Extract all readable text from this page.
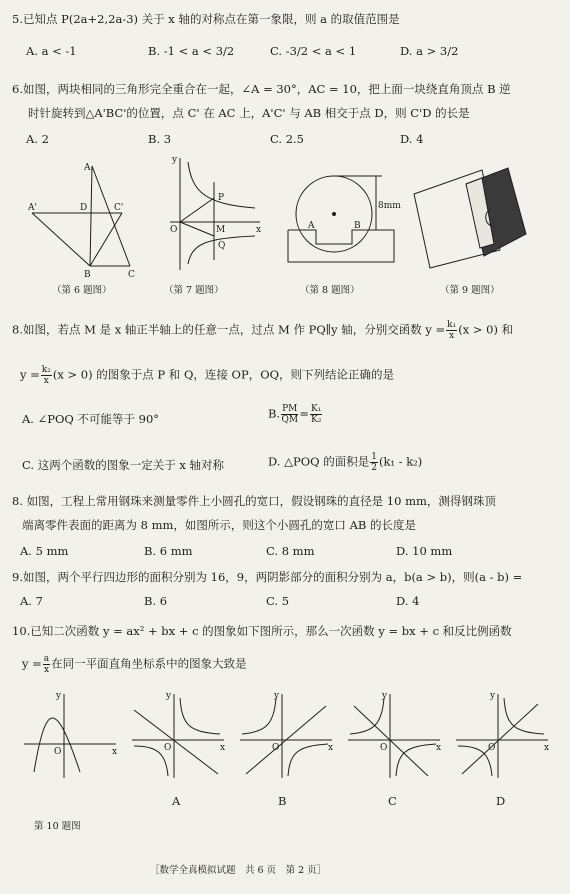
5.已知点 P(2a+2,2a-3) 关于 x 轴的对称点在第一象限，则 a 的取值范围是
A. a < -1	B. -1 < a < 3/2	C. -3/2 < a < 1	D. a > 3/2
6.如图，两块相同的三角形完全重合在一起，∠A = 30°，AC = 10，把上面一块绕直角顶点 B 逆
时针旋转到△A'BC'的位置，点 C' 在 AC 上，A'C' 与 AB 相交于点 D，则 C'D 的长是
A. 2	B. 3	C. 2.5	D. 4
A
A'	D	C'
B	C
y
P
O	M
Q
x	A	B
8mm
（第 6 题图）	（第 7 题图）	（第 8 题图）	（第 9 题图）
8.如图，若点 M 是 x 轴正半轴上的任意一点，过点 M 作 PQ∥y 轴，分别交函数 $y = \frac{\text{k₁}}{x} (x > 0)$ 和
$y = \frac{\text{k₂}}{x} (x > 0)$ 的图象于点 P 和 Q，连接 OP，OQ，则下列结论正确的是
A. ∠POQ 不可能等于 90°	B. $\frac{PM}{QM} = \frac{\text{K₁}}{\text{K₂}}$
C. 这两个函数的图象一定关于 x 轴对称	D. △POQ 的面积是 $\frac{1}{2} (k_1 - k_2)$
8. 如图，工程上常用钢珠来测量零件上小圆孔的宽口，假设钢珠的直径是 10 mm，测得钢珠顶
端离零件表面的距离为 8 mm，如图所示，则这个小圆孔的宽口 AB 的长度是
A. 5 mm	B. 6 mm	C. 8 mm	D. 10 mm
9.如图，两个平行四边形的面积分别为 16，9，两阴影部分的面积分别为 a，b(a > b)，则(a - b) =
A. 7	B. 6	C. 5	D. 4
10.已知二次函数 y = ax² + bx + c 的图象如下图所示，那么一次函数 y = bx + c 和反比例函数
$y = \frac{a}{x}$ 在同一平面直角坐标系中的图象大致是
y
O	x
y
O	x
y
O	x
y
O	x
y
O	x
A	B	C	D
第 10 题图
［数学全真模拟试题　共 6 页　第 2 页］
